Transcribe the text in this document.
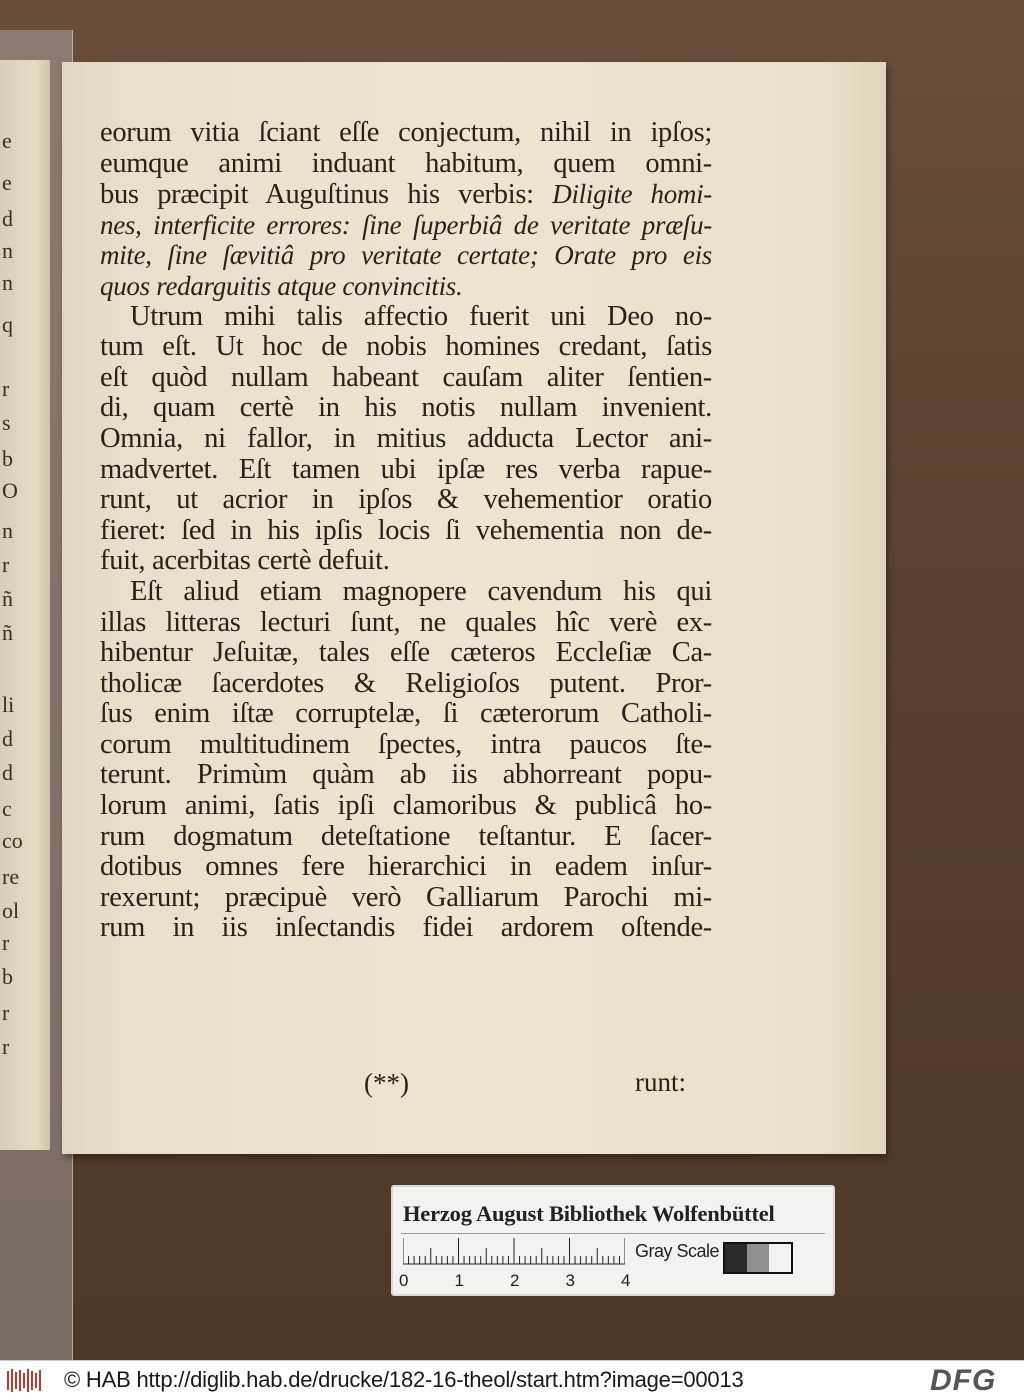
e
e
d
n
n
q
r
s
b
O
n
r
ñ
ñ
li
d
d
c
co
re
ol
r
b
r
r
eorum vitia ſciant eſſe conjectum, nihil in ipſos;
eumque animi induant habitum, quem omni-
bus præcipit Auguſtinus his verbis: Diligite homi-
nes, interficite errores: ſine ſuperbiâ de veritate præſu-
mite, ſine ſævitiâ pro veritate certate; Orate pro eis
quos redarguitis atque convincitis.
Utrum mihi talis affectio fuerit uni Deo no-
tum eſt. Ut hoc de nobis homines credant, ſatis
eſt quòd nullam habeant cauſam aliter ſentien-
di, quam certè in his notis nullam invenient.
Omnia, ni fallor, in mitius adducta Lector ani-
madvertet. Eſt tamen ubi ipſæ res verba rapue-
runt, ut acrior in ipſos & vehementior oratio
fieret: ſed in his ipſis locis ſi vehementia non de-
fuit, acerbitas certè defuit.
Eſt aliud etiam magnopere cavendum his qui
illas litteras lecturi ſunt, ne quales hîc verè ex-
hibentur Jeſuitæ, tales eſſe cæteros Eccleſiæ Ca-
tholicæ ſacerdotes & Religioſos putent. Pror-
ſus enim iſtæ corruptelæ, ſi cæterorum Catholi-
corum multitudinem ſpectes, intra paucos ſte-
terunt. Primùm quàm ab iis abhorreant popu-
lorum animi, ſatis ipſi clamoribus & publicâ ho-
rum dogmatum deteſtatione teſtantur. E ſacer-
dotibus omnes fere hierarchici in eadem inſur-
rexerunt; præcipuè verò Galliarum Parochi mi-
rum in iis inſectandis fidei ardorem oſtende-
(**)	runt:
Herzog August Bibliothek Wolfenbüttel
0	1	2	3	4
Gray Scale
© HAB http://diglib.hab.de/drucke/182-16-theol/start.htm?image=00013	DFG
